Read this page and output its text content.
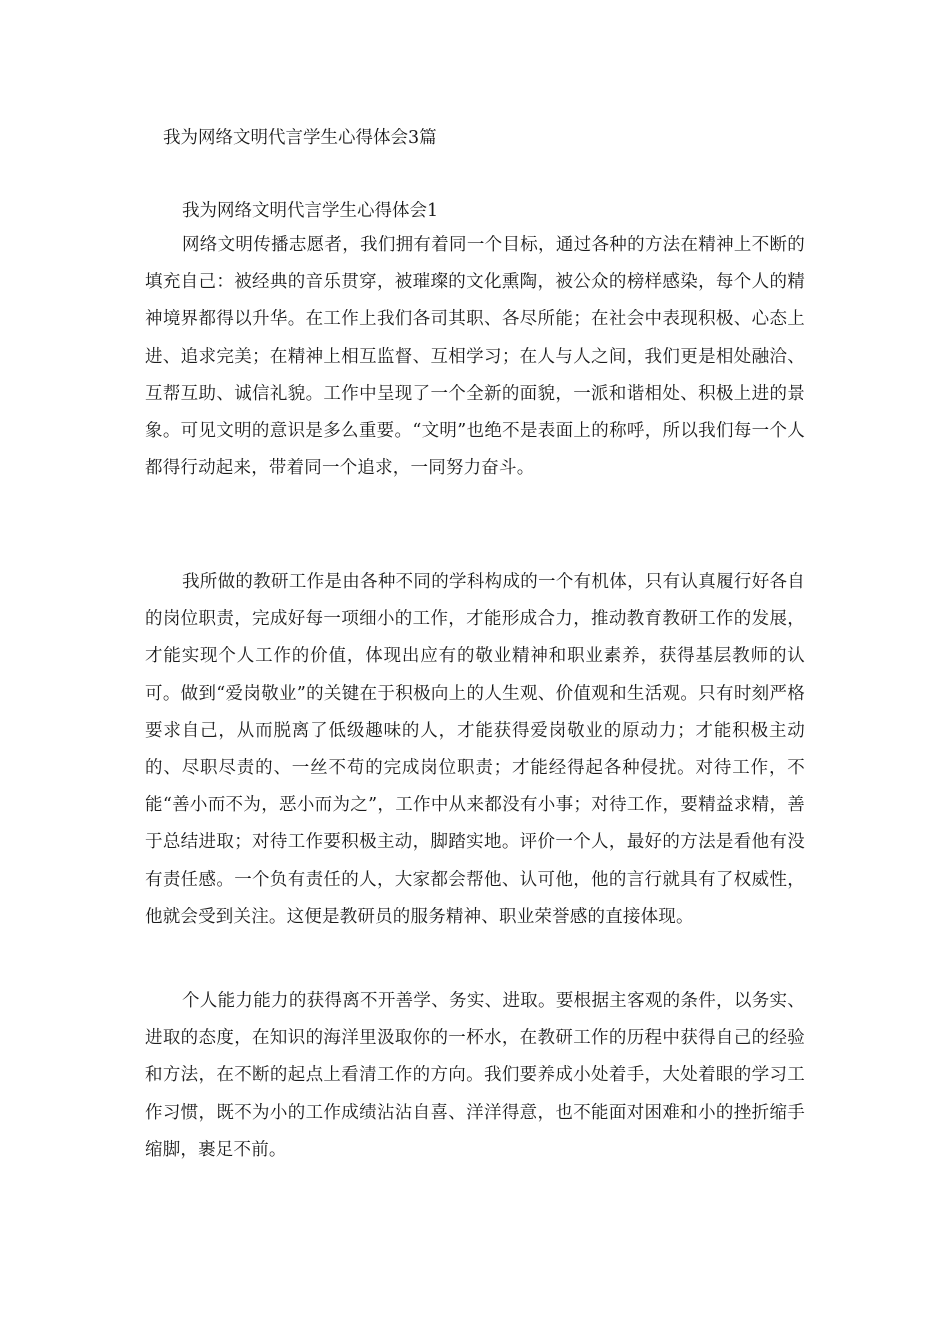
我为网络文明代言学生心得体会3篇
我为网络文明代言学生心得体会1

网络文明传播志愿者，我们拥有着同一个目标，通过各种的方法在精神上不断的填充自己：被经典的音乐贯穿，被璀璨的文化熏陶，被公众的榜样感染，每个人的精神境界都得以升华。在工作上我们各司其职、各尽所能；在社会中表现积极、心态上进、追求完美；在精神上相互监督、互相学习；在人与人之间，我们更是相处融洽、互帮互助、诚信礼貌。工作中呈现了一个全新的面貌，一派和谐相处、积极上进的景象。可见文明的意识是多么重要。“文明”也绝不是表面上的称呼，所以我们每一个人都得行动起来，带着同一个追求，一同努力奋斗。

我所做的教研工作是由各种不同的学科构成的一个有机体，只有认真履行好各自的岗位职责，完成好每一项细小的工作，才能形成合力，推动教育教研工作的发展，才能实现个人工作的价值，体现出应有的敬业精神和职业素养，获得基层教师的认可。做到“爱岗敬业”的关键在于积极向上的人生观、价值观和生活观。只有时刻严格要求自己，从而脱离了低级趣味的人，才能获得爱岗敬业的原动力；才能积极主动的、尽职尽责的、一丝不苟的完成岗位职责；才能经得起各种侵扰。对待工作，不能“善小而不为，恶小而为之”，工作中从来都没有小事；对待工作，要精益求精，善于总结进取；对待工作要积极主动，脚踏实地。评价一个人，最好的方法是看他有没有责任感。一个负有责任的人，大家都会帮他、认可他，他的言行就具有了权威性，他就会受到关注。这便是教研员的服务精神、职业荣誉感的直接体现。

个人能力能力的获得离不开善学、务实、进取。要根据主客观的条件，以务实、进取的态度，在知识的海洋里汲取你的一杯水，在教研工作的历程中获得自己的经验和方法，在不断的起点上看清工作的方向。我们要养成小处着手，大处着眼的学习工作习惯，既不为小的工作成绩沾沾自喜、洋洋得意，也不能面对困难和小的挫折缩手缩脚，裹足不前。
